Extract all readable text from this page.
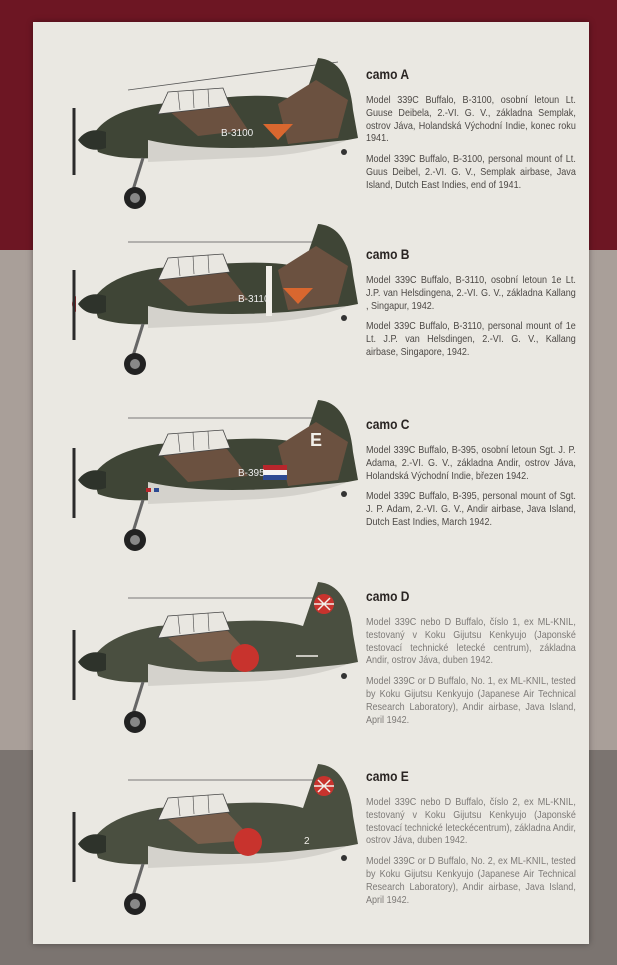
B-3100
camo A
Model 339C Buffalo, B-3100, osobní letoun Lt. Guuse Deibela, 2.-VI. G. V., základna Semplak, ostrov Jáva, Holandská Východní Indie, konec roku 1941.
Model 339C Buffalo, B-3100, personal mount of Lt. Guus Deibel, 2.-VI. G. V., Semplak airbase, Java Island, Dutch East Indies, end of 1941.
B-3110
camo B
Model 339C Buffalo, B-3110, osobní letoun 1e Lt. J.P. van Helsdingena, 2.-VI. G. V., základna Kallang , Singapur, 1942.
Model 339C Buffalo, B-3110, personal mount of 1e Lt. J.P. van Helsdingen, 2.-VI. G. V., Kallang airbase, Singapore, 1942.
B-395
E
camo C
Model 339C Buffalo, B-395, osobní letoun Sgt. J. P. Adama, 2.-VI. G. V., základna Andir, ostrov Jáva, Holandská Východní Indie, březen 1942.
Model 339C Buffalo, B-395, personal mount of Sgt. J. P. Adam, 2.-VI. G. V., Andir airbase, Java Island, Dutch East Indies, March 1942.
camo D
Model 339C nebo D Buffalo, číslo 1, ex ML-KNIL, testovaný v Koku Gijutsu Kenkyujo (Japonské testovací technické letecké centrum), základna Andir, ostrov Jáva, duben 1942.
Model 339C or D Buffalo, No. 1, ex ML-KNIL, tested by Koku Gijutsu Kenkyujo (Japanese Air Technical Research Laboratory), Andir airbase, Java Island, April 1942.
2
camo E
Model 339C nebo D Buffalo, číslo 2, ex ML-KNIL, testovaný v Koku Gijutsu Kenkyujo (Japonské testovací technické leteckécentrum), základna Andir, ostrov Jáva, duben 1942.
Model 339C or D Buffalo, No. 2, ex ML-KNIL, tested by Koku Gijutsu Kenkyujo (Japanese Air Technical Research Laboratory), Andir airbase, Java Island, April 1942.
